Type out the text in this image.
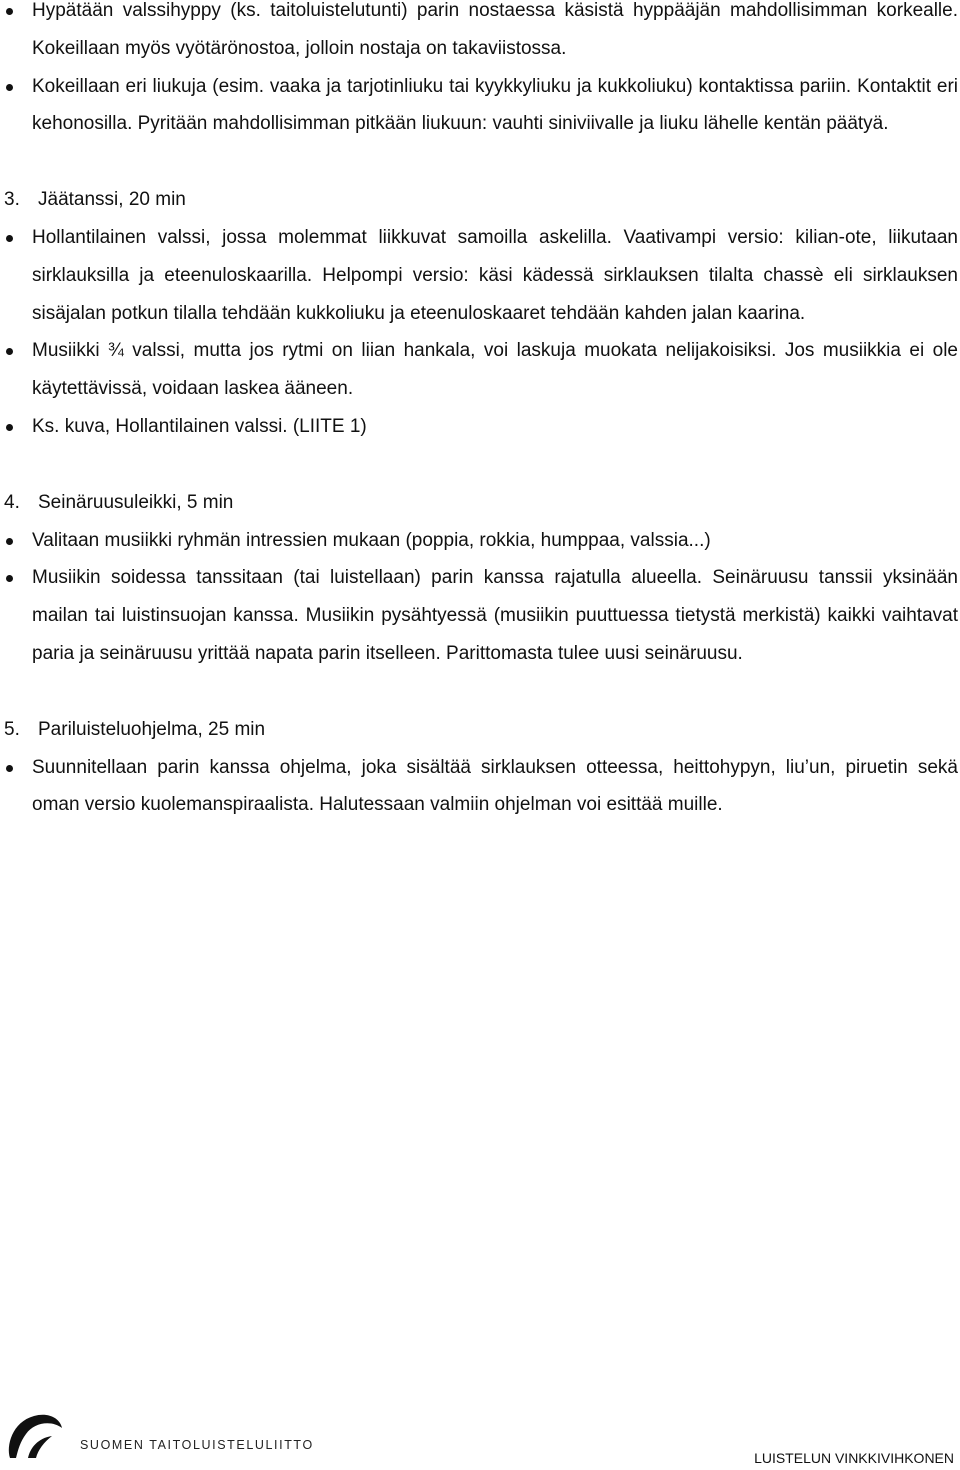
Hypätään valssihyppy (ks. taitoluistelutunti) parin nostaessa käsistä hyppääjän mahdollisimman korkealle. Kokeillaan myös vyötärönostoa, jolloin nostaja on takaviistossa.
Kokeillaan eri liukuja (esim. vaaka ja tarjotinliuku tai kyykkyliuku ja kukkoliuku) kontaktissa pariin. Kontaktit eri kehonosilla. Pyritään mahdollisimman pitkään liukuun: vauhti siniviivalle ja liuku lähelle kentän päätyä.
3. Jäätanssi, 20 min
Hollantilainen valssi, jossa molemmat liikkuvat samoilla askelilla. Vaativampi versio: kilian-ote, liikutaan sirklauksilla ja eteenuloskaarilla. Helpompi versio: käsi kädessä sirklauksen tilalta chassè eli sirklauksen sisäjalan potkun tilalla tehdään kukkoliuku ja eteenuloskaaret tehdään kahden jalan kaarina.
Musiikki ¾ valssi, mutta jos rytmi on liian hankala, voi laskuja muokata nelijakoisiksi. Jos musiikkia ei ole käytettävissä, voidaan laskea ääneen.
Ks. kuva, Hollantilainen valssi. (LIITE 1)
4. Seinäruusuleikki, 5 min
Valitaan musiikki ryhmän intressien mukaan (poppia, rokkia, humppaa, valssia...)
Musiikin soidessa tanssitaan (tai luistellaan) parin kanssa rajatulla alueella. Seinäruusu tanssii yksinään mailan tai luistinsuojan kanssa. Musiikin pysähtyessä (musiikin puuttuessa tietystä merkistä) kaikki vaihtavat paria ja seinäruusu yrittää napata parin itselleen. Parittomasta tulee uusi seinäruusu.
5. Pariluisteluohjelma, 25 min
Suunnitellaan parin kanssa ohjelma, joka sisältää sirklauksen otteessa, heittohypyn, liu’un, piruetin sekä oman versio kuolemanspiraalista. Halutessaan valmiin ohjelman voi esittää muille.
SUOMEN TAITOLUISTELULIITTO
LUISTELUN VINKKIVIHKONEN
